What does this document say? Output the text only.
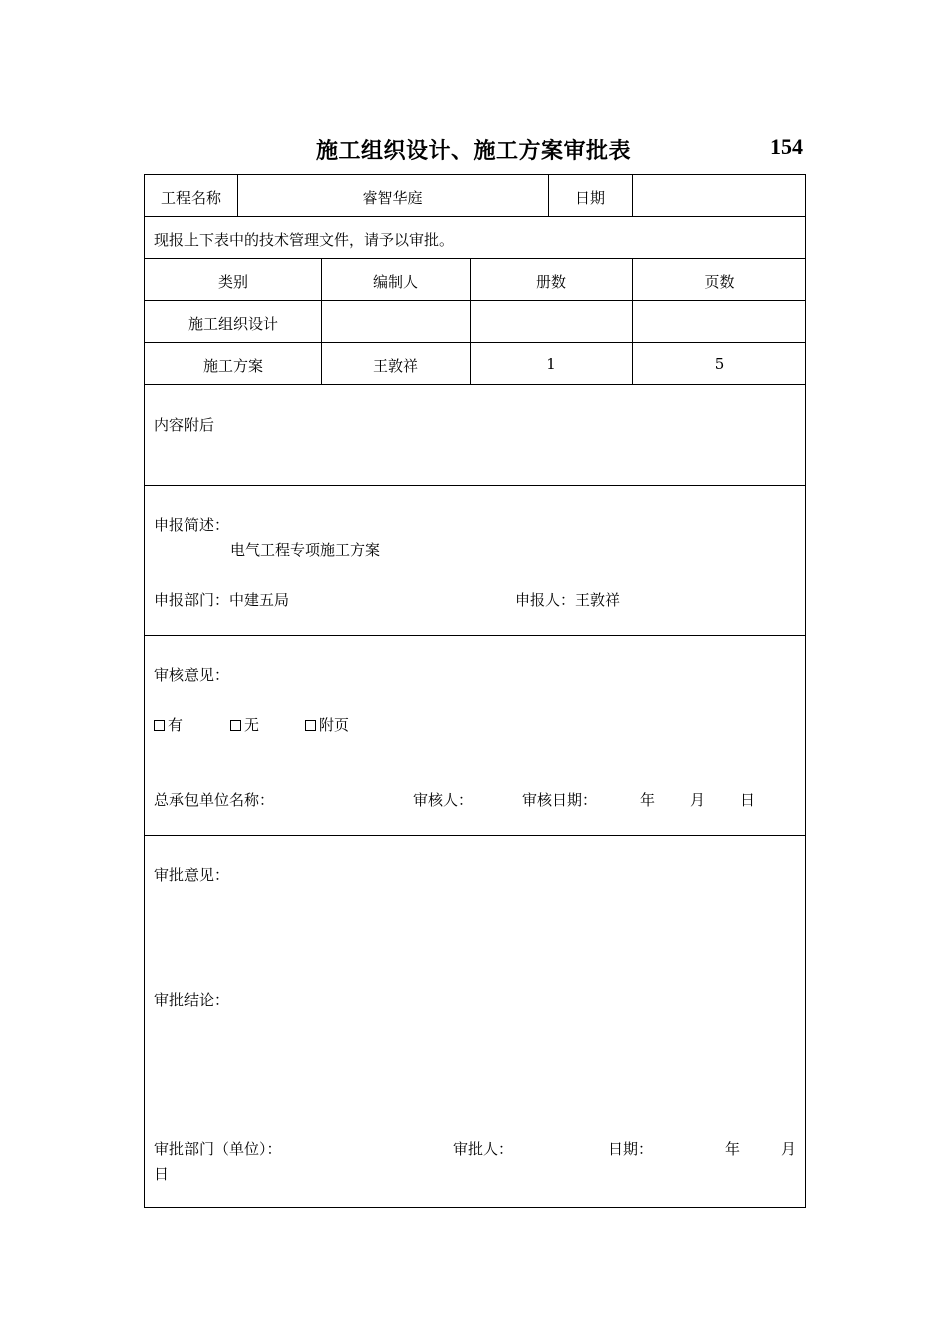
施工组织设计、施工方案审批表	154
工程名称	睿智华庭	日期
现报上下表中的技术管理文件，请予以审批。
类别	编制人	册数	页数
施工组织设计
施工方案	王敦祥	1	5
内容附后
申报简述：
电气工程专项施工方案
申报部门：中建五局	申报人：王敦祥
审核意见：
有	无	附页
总承包单位名称：	审核人：	审核日期：	年 月 日
审批意见：
审批结论：
审批部门（单位）：	审批人：	日期：	年	月
日
